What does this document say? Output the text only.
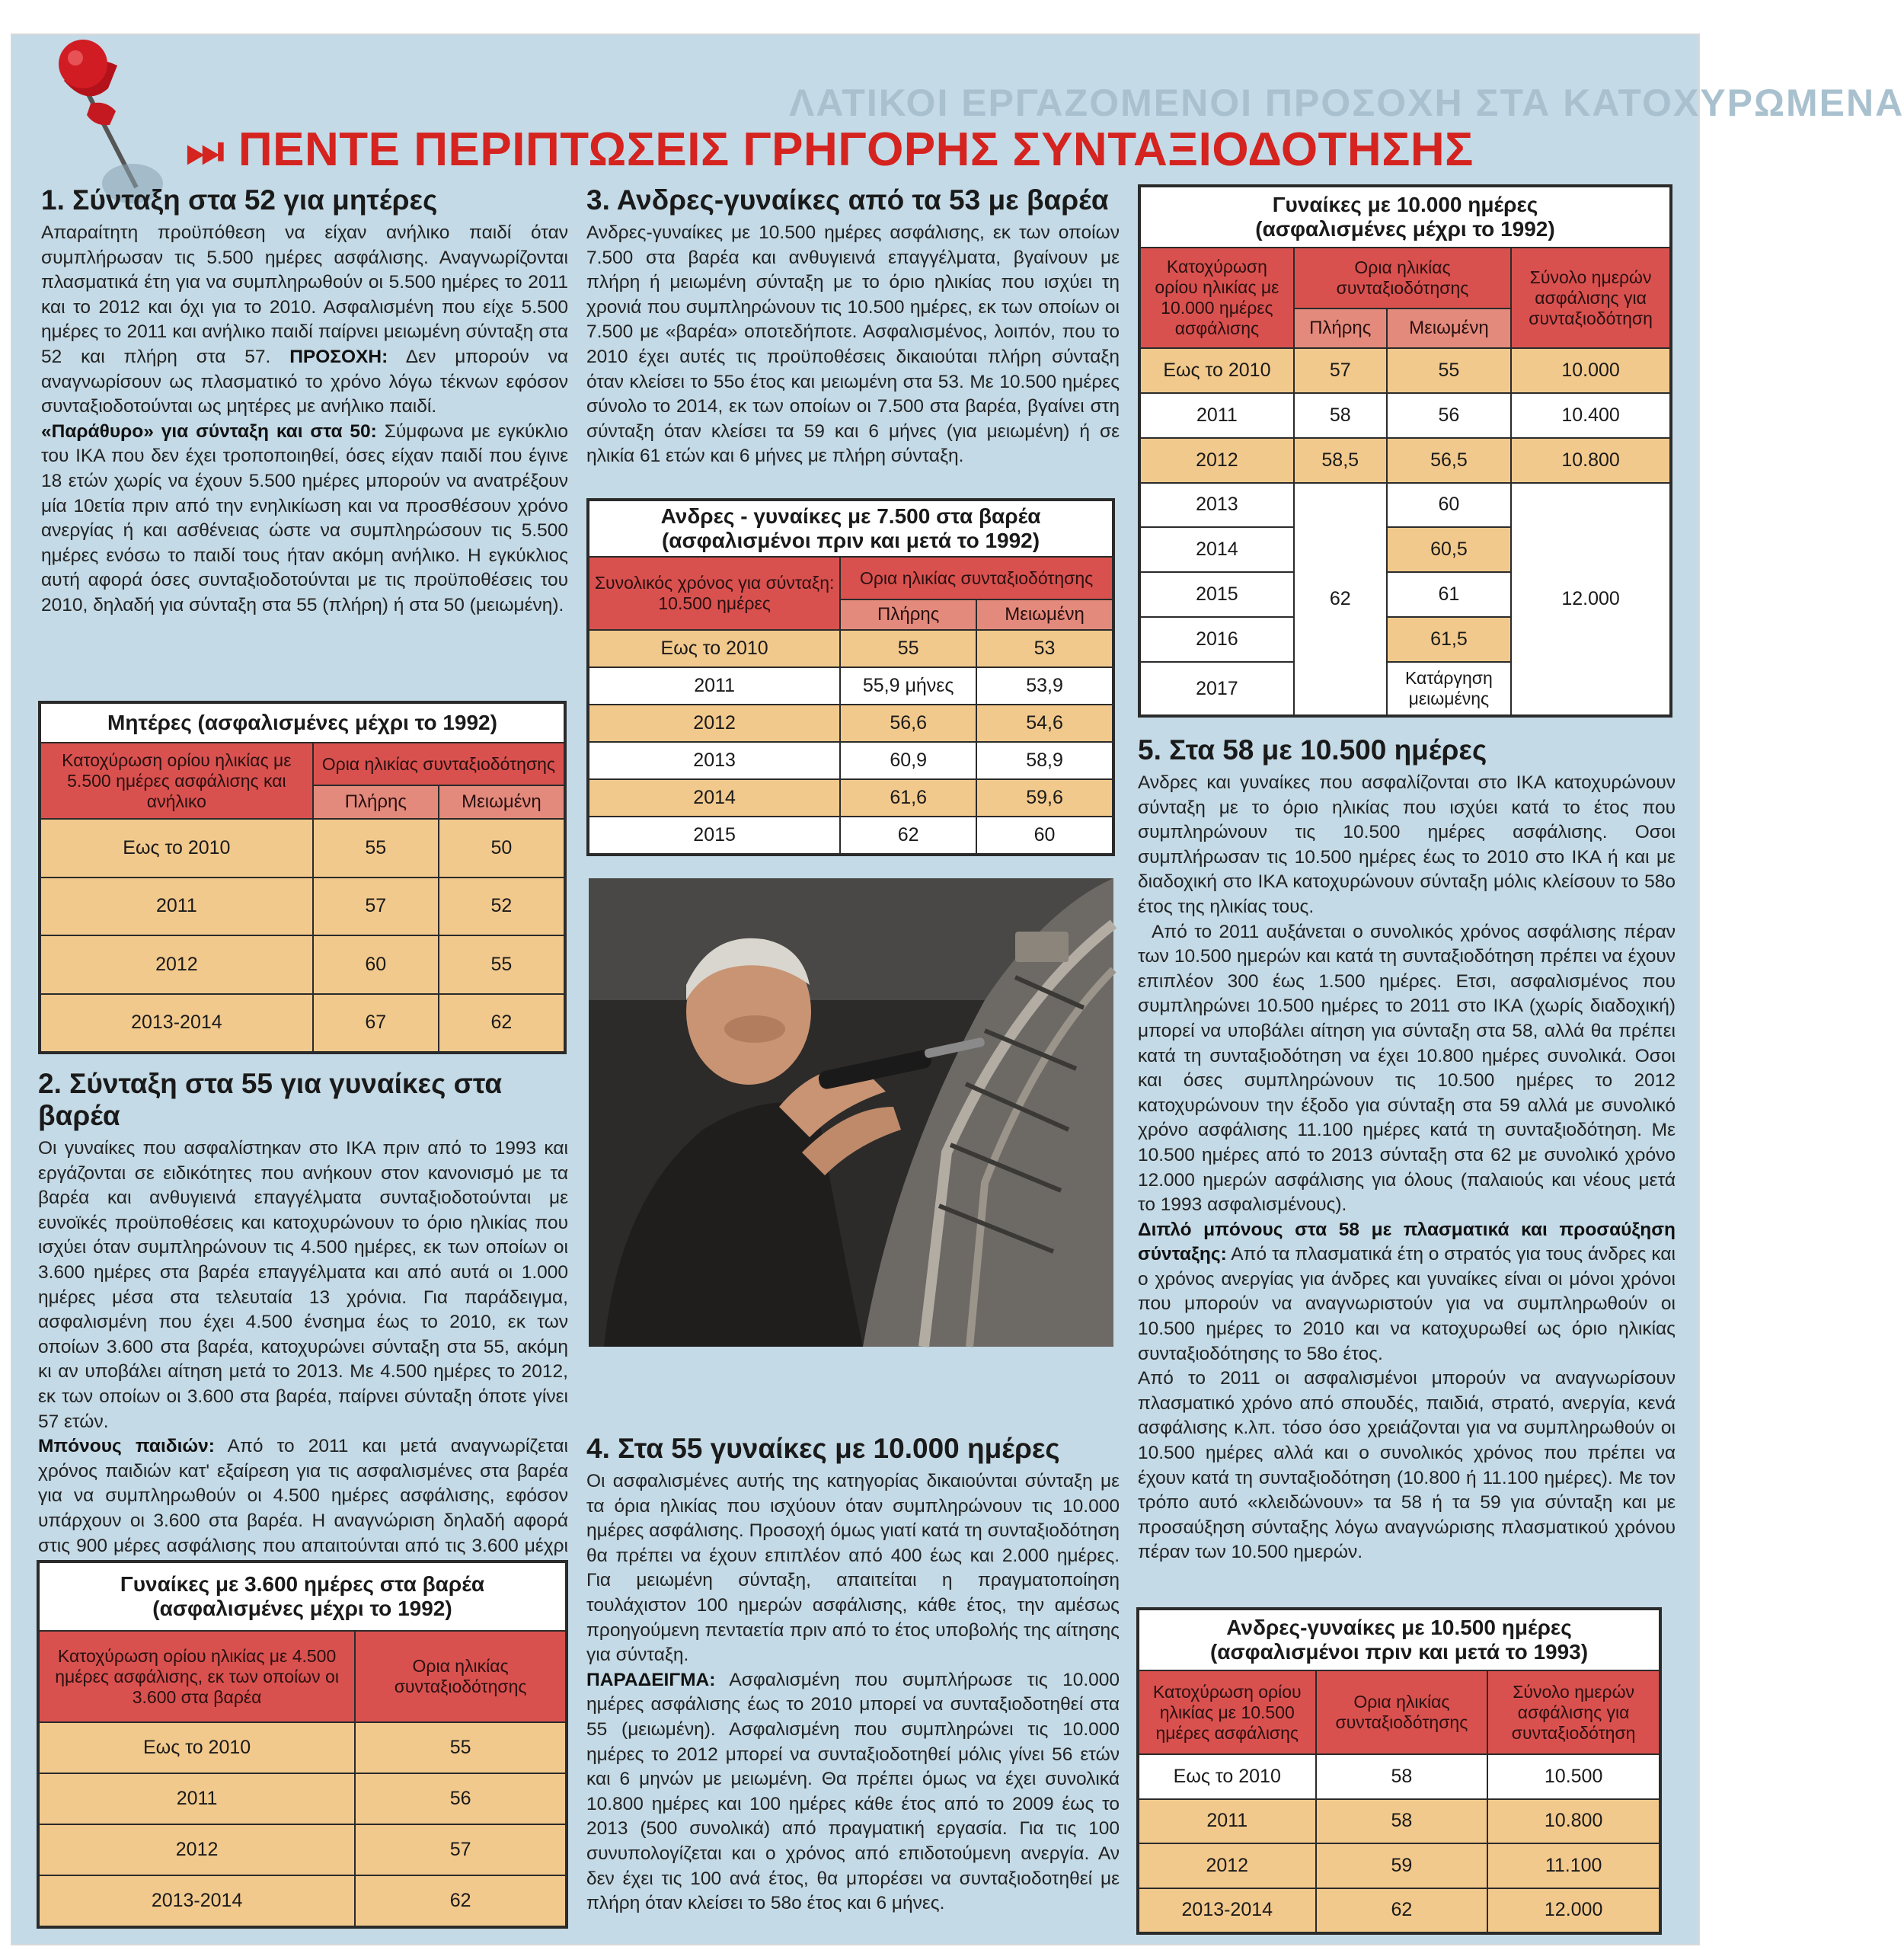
ΛΑΤΙΚΟΙ ΕΡΓΑΖΟΜΕΝΟΙ ΠΡΟΣΟΧΗ ΣΤΑ ΚΑΤΟΧΥΡΩΜΕΝΑ
⏭ ΠΕΝΤΕ ΠΕΡΙΠΤΩΣΕΙΣ ΓΡΗΓΟΡΗΣ ΣΥΝΤΑΞΙΟΔΟΤΗΣΗΣ
1. Σύνταξη στα 52 για μητέρες

Απαραίτητη προϋπόθεση να είχαν ανήλικο παιδί όταν συμπλήρωσαν τις 5.500 ημέρες ασφάλισης. Αναγνωρίζονται πλασματικά έτη για να συμπληρωθούν οι 5.500 ημέρες το 2011 και το 2012 και όχι για το 2010. Ασφαλισμένη που είχε 5.500 ημέρες το 2011 και ανήλικο παιδί παίρνει μειωμένη σύνταξη στα 52 και πλήρη στα 57. ΠΡΟΣΟΧΗ: Δεν μπορούν να αναγνωρίσουν ως πλασματικό το χρόνο λόγω τέκνων εφόσον συνταξιοδοτούνται ως μητέρες με ανήλικο παιδί.

«Παράθυρο» για σύνταξη και στα 50: Σύμφωνα με εγκύκλιο του ΙΚΑ που δεν έχει τροποποιηθεί, όσες είχαν παιδί που έγινε 18 ετών χωρίς να έχουν 5.500 ημέρες μπορούν να ανατρέξουν μία 10ετία πριν από την ενηλικίωση και να προσθέσουν χρόνο ανεργίας ή και ασθένειας ώστε να συμπληρώσουν τις 5.500 ημέρες ενόσω το παιδί τους ήταν ακόμη ανήλικο. Η εγκύκλιος αυτή αφορά όσες συνταξιοδοτούνται με τις προϋποθέσεις του 2010, δηλαδή για σύνταξη στα 55 (πλήρη) ή στα 50 (μειωμένη).

Μητέρες (ασφαλισμένες μέχρι το 1992)		
Κατοχύρωση ορίου ηλικίας με 5.500 ημέρες ασφάλισης και ανήλικο	Ορια ηλικίας συνταξιοδότησης	
	Πλήρης	Μειωμένη
Εως το 2010	55	50
2011	57	52
2012	60	55
2013-2014	67	62
2. Σύνταξη στα 55 για γυναίκες στα βαρέα

Οι γυναίκες που ασφαλίστηκαν στο ΙΚΑ πριν από το 1993 και εργάζονται σε ειδικότητες που ανήκουν στον κανονισμό με τα βαρέα και ανθυγιεινά επαγγέλματα συνταξιοδοτούνται με ευνοϊκές προϋποθέσεις και κατοχυρώνουν το όριο ηλικίας που ισχύει όταν συμπληρώνουν τις 4.500 ημέρες, εκ των οποίων οι 3.600 ημέρες στα βαρέα επαγγέλματα και από αυτά οι 1.000 ημέρες μέσα στα τελευταία 13 χρόνια. Για παράδειγμα, ασφαλισμένη που έχει 4.500 ένσημα έως το 2010, εκ των οποίων 3.600 στα βαρέα, κατοχυρώνει σύνταξη στα 55, ακόμη κι αν υποβάλει αίτηση μετά το 2013. Με 4.500 ημέρες το 2012, εκ των οποίων οι 3.600 στα βαρέα, παίρνει σύνταξη όποτε γίνει 57 ετών.

Μπόνους παιδιών: Από το 2011 και μετά αναγνωρίζεται χρόνος παιδιών κατ' εξαίρεση για τις ασφαλισμένες στα βαρέα για να συμπληρωθούν οι 4.500 ημέρες ασφάλισης, εφόσον υπάρχουν οι 3.600 στα βαρέα. Η αναγνώριση δηλαδή αφορά στις 900 μέρες ασφάλισης που απαιτούνται από τις 3.600 μέχρι

Γυναίκες με 3.600 ημέρες στα βαρέα
(ασφαλισμένες μέχρι το 1992)	
Κατοχύρωση ορίου ηλικίας με 4.500 ημέρες ασφάλισης, εκ των οποίων οι 3.600 στα βαρέα	Ορια ηλικίας συνταξιοδότησης
Εως το 2010	55
2011	56
2012	57
2013-2014	62
3. Ανδρες-γυναίκες από τα 53 με βαρέα

Ανδρες-γυναίκες με 10.500 ημέρες ασφάλισης, εκ των οποίων 7.500 στα βαρέα και ανθυγιεινά επαγγέλματα, βγαίνουν με πλήρη ή μειωμένη σύνταξη με το όριο ηλικίας που ισχύει τη χρονιά που συμπληρώνουν τις 10.500 ημέρες, εκ των οποίων οι 7.500 με «βαρέα» οποτεδήποτε. Ασφαλισμένος, λοιπόν, που το 2010 έχει αυτές τις προϋποθέσεις δικαιούται πλήρη σύνταξη όταν κλείσει το 55ο έτος και μειωμένη στα 53. Με 10.500 ημέρες σύνολο το 2014, εκ των οποίων οι 7.500 στα βαρέα, βγαίνει στη σύνταξη όταν κλείσει τα 59 και 6 μήνες (για μειωμένη) ή σε ηλικία 61 ετών και 6 μήνες με πλήρη σύνταξη.

Ανδρες - γυναίκες με 7.500 στα βαρέα
(ασφαλισμένοι πριν και μετά το 1992)		
Συνολικός χρόνος για σύνταξη: 10.500 ημέρες	Ορια ηλικίας συνταξιοδότησης	
	Πλήρης	Μειωμένη
Εως το 2010	55	53
2011	55,9 μήνες	53,9
2012	56,6	54,6
2013	60,9	58,9
2014	61,6	59,6
2015	62	60
4. Στα 55 γυναίκες με 10.000 ημέρες

Οι ασφαλισμένες αυτής της κατηγορίας δικαιούνται σύνταξη με τα όρια ηλικίας που ισχύουν όταν συμπληρώνουν τις 10.000 ημέρες ασφάλισης. Προσοχή όμως γιατί κατά τη συνταξιοδότηση θα πρέπει να έχουν επιπλέον από 400 έως και 2.000 ημέρες. Για μειωμένη σύνταξη, απαιτείται η πραγματοποίηση τουλάχιστον 100 ημερών ασφάλισης, κάθε έτος, την αμέσως προηγούμενη πενταετία πριν από το έτος υποβολής της αίτησης για σύνταξη.

ΠΑΡΑΔΕΙΓΜΑ: Ασφαλισμένη που συμπλήρωσε τις 10.000 ημέρες ασφάλισης έως το 2010 μπορεί να συνταξιοδοτηθεί στα 55 (μειωμένη). Ασφαλισμένη που συμπληρώνει τις 10.000 ημέρες το 2012 μπορεί να συνταξιοδοτηθεί μόλις γίνει 56 ετών και 6 μηνών με μειωμένη. Θα πρέπει όμως να έχει συνολικά 10.800 ημέρες και 100 ημέρες κάθε έτος από το 2009 έως το 2013 (500 συνολικά) από πραγματική εργασία. Για τις 100 συνυπολογίζεται και ο χρόνος από επιδοτούμενη ανεργία. Αν δεν έχει τις 100 ανά έτος, θα μπορέσει να συνταξιοδοτηθεί με πλήρη όταν κλείσει το 58ο έτος και 6 μήνες.

Γυναίκες με 10.000 ημέρες
(ασφαλισμένες μέχρι το 1992)			
Κατοχύρωση ορίου ηλικίας με 10.000 ημέρες ασφάλισης	Ορια ηλικίας συνταξιοδότησης		Σύνολο ημερών ασφάλισης για συνταξιοδότηση
	Πλήρης	Μειωμένη	
Εως το 2010	57	55	10.000
2011	58	56	10.400
2012	58,5	56,5	10.800
2013	62	60	12.000
2014		60,5	
2015		61	
2016		61,5	
2017		Κατάργηση μειωμένης	
5. Στα 58 με 10.500 ημέρες

Ανδρες και γυναίκες που ασφαλίζονται στο ΙΚΑ κατοχυρώνουν σύνταξη με το όριο ηλικίας που ισχύει κατά το έτος που συμπληρώνουν τις 10.500 ημέρες ασφάλισης. Οσοι συμπλήρωσαν τις 10.500 ημέρες έως το 2010 στο ΙΚΑ ή και με διαδοχική στο ΙΚΑ κατοχυρώνουν σύνταξη μόλις κλείσουν το 58ο έτος της ηλικίας τους.

Από το 2011 αυξάνεται ο συνολικός χρόνος ασφάλισης πέραν των 10.500 ημερών και κατά τη συνταξιοδότηση πρέπει να έχουν επιπλέον 300 έως 1.500 ημέρες. Ετσι, ασφαλισμένος που συμπληρώνει 10.500 ημέρες το 2011 στο ΙΚΑ (χωρίς διαδοχική) μπορεί να υποβάλει αίτηση για σύνταξη στα 58, αλλά θα πρέπει κατά τη συνταξιοδότηση να έχει 10.800 ημέρες συνολικά. Οσοι και όσες συμπληρώνουν τις 10.500 ημέρες το 2012 κατοχυρώνουν την έξοδο για σύνταξη στα 59 αλλά με συνολικό χρόνο ασφάλισης 11.100 ημέρες κατά τη συνταξιοδότηση. Με 10.500 ημέρες από το 2013 σύνταξη στα 62 με συνολικό χρόνο 12.000 ημερών ασφάλισης για όλους (παλαιούς και νέους μετά το 1993 ασφαλισμένους).

Διπλό μπόνους στα 58 με πλασματικά και προσαύξηση σύνταξης: Από τα πλασματικά έτη ο στρατός για τους άνδρες και ο χρόνος ανεργίας για άνδρες και γυναίκες είναι οι μόνοι χρόνοι που μπορούν να αναγνωριστούν για να συμπληρωθούν οι 10.500 ημέρες το 2010 και να κατοχυρωθεί ως όριο ηλικίας συνταξιοδότησης το 58ο έτος.

Από το 2011 οι ασφαλισμένοι μπορούν να αναγνωρίσουν πλασματικό χρόνο από σπουδές, παιδιά, στρατό, ανεργία, κενά ασφάλισης κ.λπ. τόσο όσο χρειάζονται για να συμπληρωθούν οι 10.500 ημέρες αλλά και ο συνολικός χρόνος που πρέπει να έχουν κατά τη συνταξιοδότηση (10.800 ή 11.100 ημέρες). Με τον τρόπο αυτό «κλειδώνουν» τα 58 ή τα 59 για σύνταξη και με προσαύξηση σύνταξης λόγω αναγνώρισης πλασματικού χρόνου πέραν των 10.500 ημερών.

Ανδρες-γυναίκες με 10.500 ημέρες
(ασφαλισμένοι πριν και μετά το 1993)		
Κατοχύρωση ορίου ηλικίας με 10.500 ημέρες ασφάλισης	Ορια ηλικίας συνταξιοδότησης	Σύνολο ημερών ασφάλισης για συνταξιοδότηση
Εως το 2010	58	10.500
2011	58	10.800
2012	59	11.100
2013-2014	62	12.000
